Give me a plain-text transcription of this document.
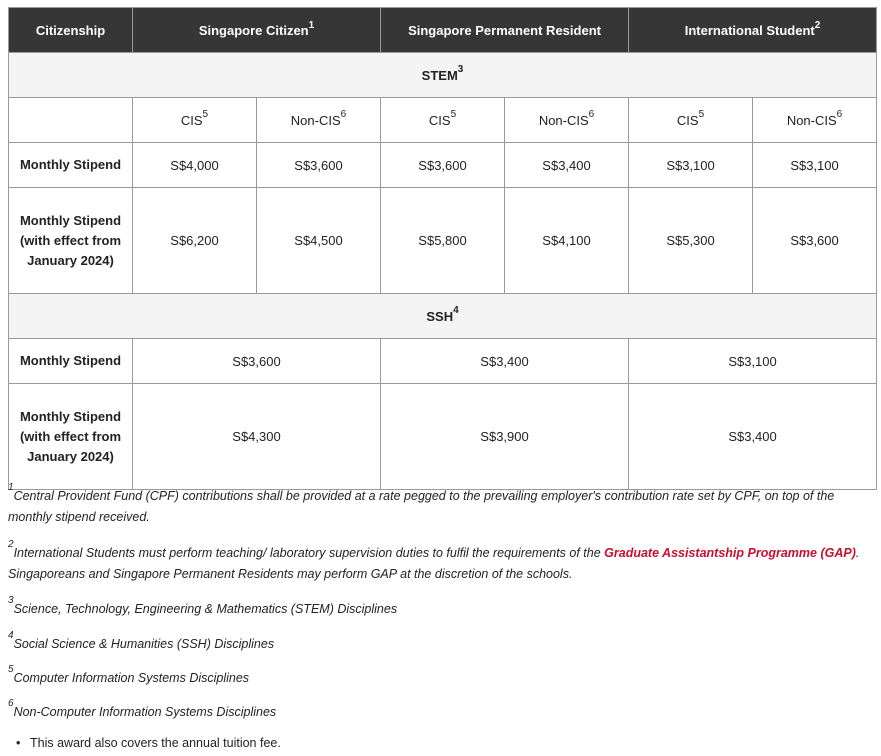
Citizenship	Singapore Citizen$^1$		Singapore Permanent Resident		International Student$^2$
STEM$^3$
	CIS$^5$	Non-CIS$^6$	CIS$^5$	Non-CIS$^6$	CIS$^5$	Non-CIS$^6$
Monthly Stipend	S$4,000	S$3,600	S$3,600	S$3,400	S$3,100	S$3,100
Monthly Stipend (with effect from January 2024)	S$6,200	S$4,500	S$5,800	S$4,100	S$5,300	S$3,600
SSH$^4$
Monthly Stipend	S$3,600		S$3,400		S$3,100	
Monthly Stipend (with effect from January 2024)	S$4,300		S$3,900		S$3,400	
$^1$Central Provident Fund (CPF) contributions shall be provided at a rate pegged to the prevailing employer's contribution rate set by CPF, on top of the monthly stipend received.
$^2$International Students must perform teaching/ laboratory supervision duties to fulfil the requirements of the Graduate Assistantship Programme (GAP). Singaporeans and Singapore Permanent Residents may perform GAP at the discretion of the schools.
$^3$Science, Technology, Engineering & Mathematics (STEM) Disciplines
$^4$Social Science & Humanities (SSH) Disciplines
$^5$Computer Information Systems Disciplines
$^6$Non-Computer Information Systems Disciplines
• This award also covers the annual tuition fee.
